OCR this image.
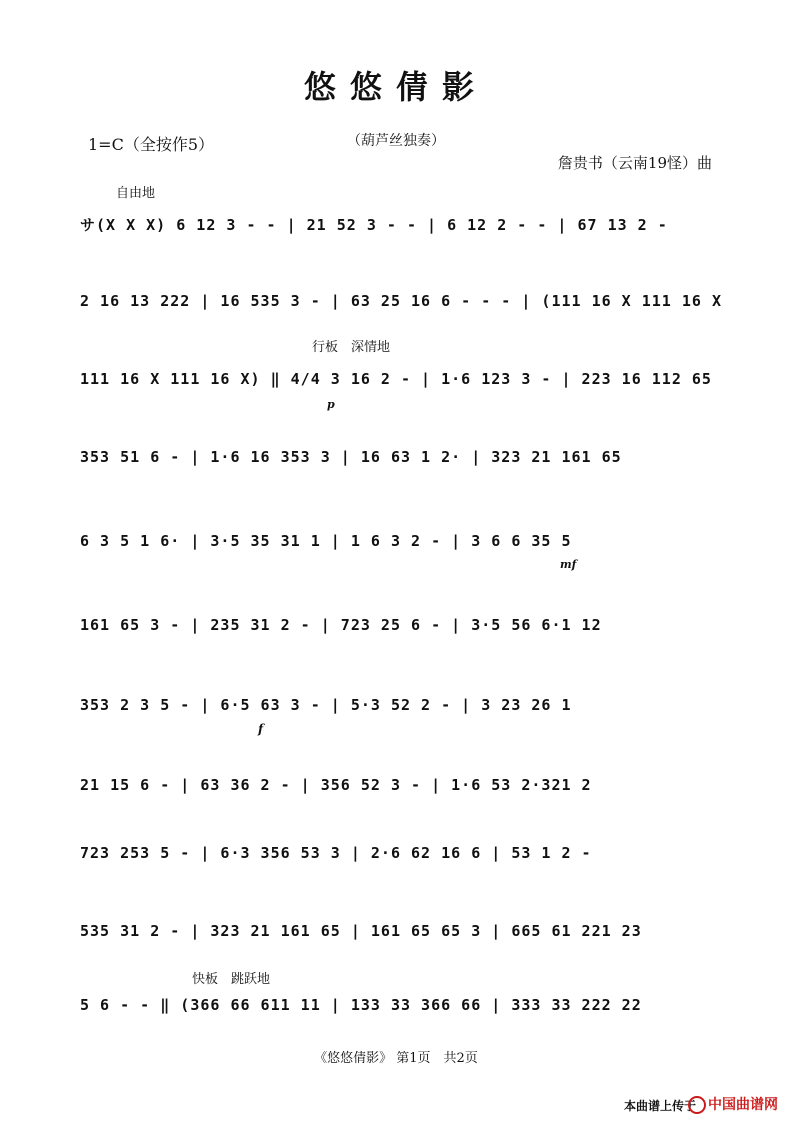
悠悠倩影
1=C（全按作5）	（葫芦丝独奏）
詹贵书（云南19怪）曲
自由地
行板　深情地
快板　跳跃地
サ(X X X) 6 12 3 - - | 21 52 3 - - | 6 12 2 - - | 67 13 2 -
2 16 13 222 | 16 535 3 - | 63 25 16 6 - - - | (111 16 X 111 16 X
111 16 X 111 16 X) ‖ 4/4 3 16 2 - | 1·6 123 3 - | 223 16 112 65
353 51 6 - | 1·6 16 353 3 | 16 63 1 2· | 323 21 161 65
6 3 5 1 6· | 3·5 35 31 1 | 1 6 3 2 - | 3 6 6 35 5
161 65 3 - | 235 31 2 - | 723 25 6 - | 3·5 56 6·1 12
353 2 3 5 - | 6·5 63 3 - | 5·3 52 2 - | 3 23 26 1
21 15 6 - | 63 36 2 - | 356 52 3 - | 1·6 53 2·321 2
723 253 5 - | 6·3 356 53 3 | 2·6 62 16 6 | 53 1 2 -
535 31 2 - | 323 21 161 65 | 161 65 65 3 | 665 61 221 23
5 6 - - ‖ (366 66 611 11 | 133 33 366 66 | 333 33 222 22
p
mf
f
《悠悠倩影》 第1页　共2页
本曲谱上传于 中国曲谱网
